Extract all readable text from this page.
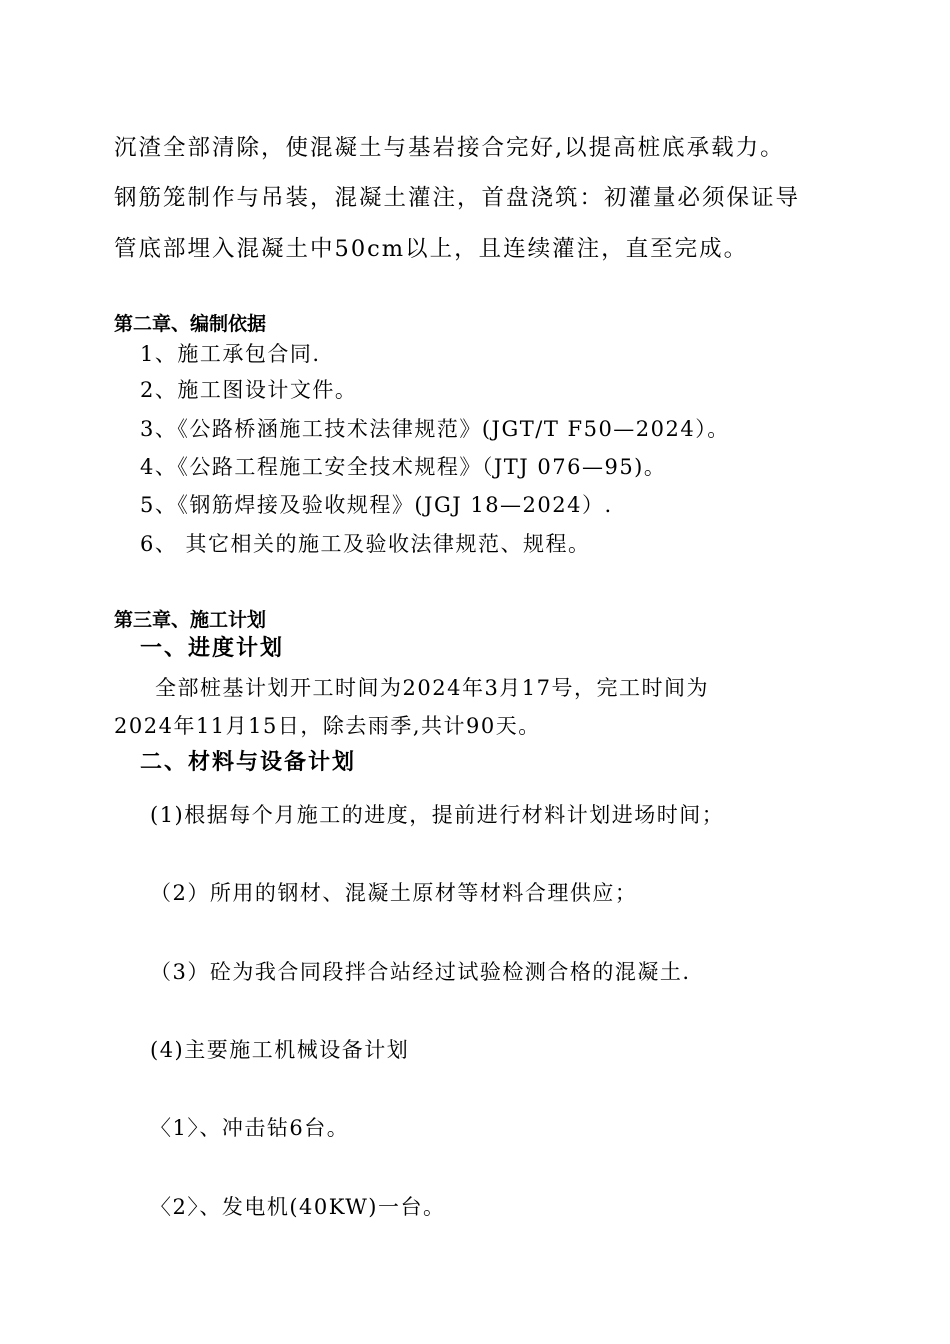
沉渣全部清除，使混凝土与基岩接合完好,以提高桩底承载力。
钢筋笼制作与吊装，混凝土灌注，首盘浇筑：初灌量必须保证导
管底部埋入混凝土中50cm以上，且连续灌注，直至完成。
第二章、编制依据
1、施工承包合同.
2、施工图设计文件。
3、《公路桥涵施工技术法律规范》(JGT/T F50—2024）。
4、《公路工程施工安全技术规程》（JTJ 076—95)。
5、《钢筋焊接及验收规程》(JGJ 18—2024）.
6、 其它相关的施工及验收法律规范、规程。
第三章、施工计划
一、进度计划
全部桩基计划开工时间为2024年3月17号，完工时间为
2024年11月15日，除去雨季,共计90天。
二、材料与设备计划
(1)根据每个月施工的进度，提前进行材料计划进场时间；
（2）所用的钢材、混凝土原材等材料合理供应；
（3）砼为我合同段拌合站经过试验检测合格的混凝土.
(4)主要施工机械设备计划
〈1〉、冲击钻6台。
〈2〉、发电机(40KW)一台。
